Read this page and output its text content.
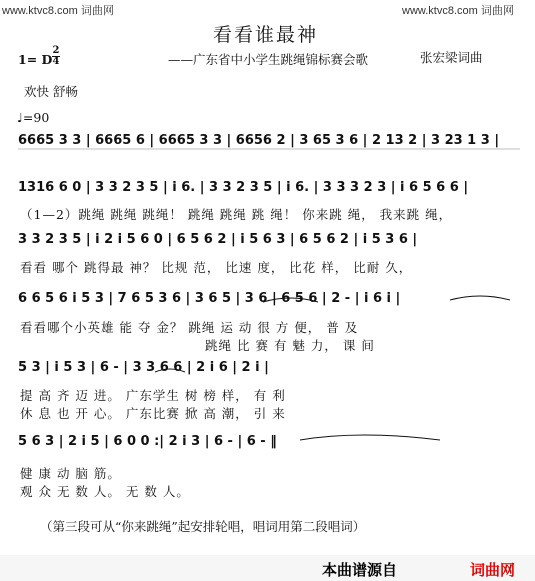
www.ktvc8.com 词曲网	www.ktvc8.com 词曲网
看看谁最神
——广东省中小学生跳绳锦标赛会歌	张宏梁词曲
1= D
2
4
欢快 舒畅
♩=90
6665 3 3 | 6665 6 | 6665 3 3 | 6656 2 | 3 65 3 6 | 2 13 2 | 3 23 1 3 |
1316 6 0 | 3 3 2 3 5 | i 6. | 3 3 2 3 5 | i 6. | 3 3 3 2 3 | i 6 5 6 6 |
（1—2）跳绳 跳绳 跳绳！ 跳绳 跳绳 跳 绳！ 你来跳 绳， 我来跳 绳，
3 3 2 3 5 | i 2 i 5 6 0 | 6 5 6 2 | i 5 6 3 | 6 5 6 2 | i 5 3 6 |
看看 哪个 跳得最 神？ 比规 范， 比速 度， 比花 样， 比耐 久，
6 6 5 6 i 5 3 | 7 6 5 3 6 | 3 6 5 | 3 6 | 6 5 6 | 2 - | i 6 i |
看看哪个小英雄 能 夺 金？ 跳绳 运 动 很 方 便， 普 及
跳绳 比 赛 有 魅 力， 课 间
5 3 | i 5 3 | 6 - | 3 3 6 6 | 2 i 6 | 2 i |
提 高 齐 迈 进。 广东学生 树 榜 样， 有 利
休 息 也 开 心。 广东比赛 掀 高 潮， 引 来
5 6 3 | 2 i 5 | 6 0 0 :| 2 i 3 | 6 - | 6 - ‖
健 康 动 脑 筋。
观 众 无 数 人。 无 数 人。
（第三段可从“你来跳绳”起安排轮唱，唱词用第二段唱词）
本曲谱源自	词曲网
